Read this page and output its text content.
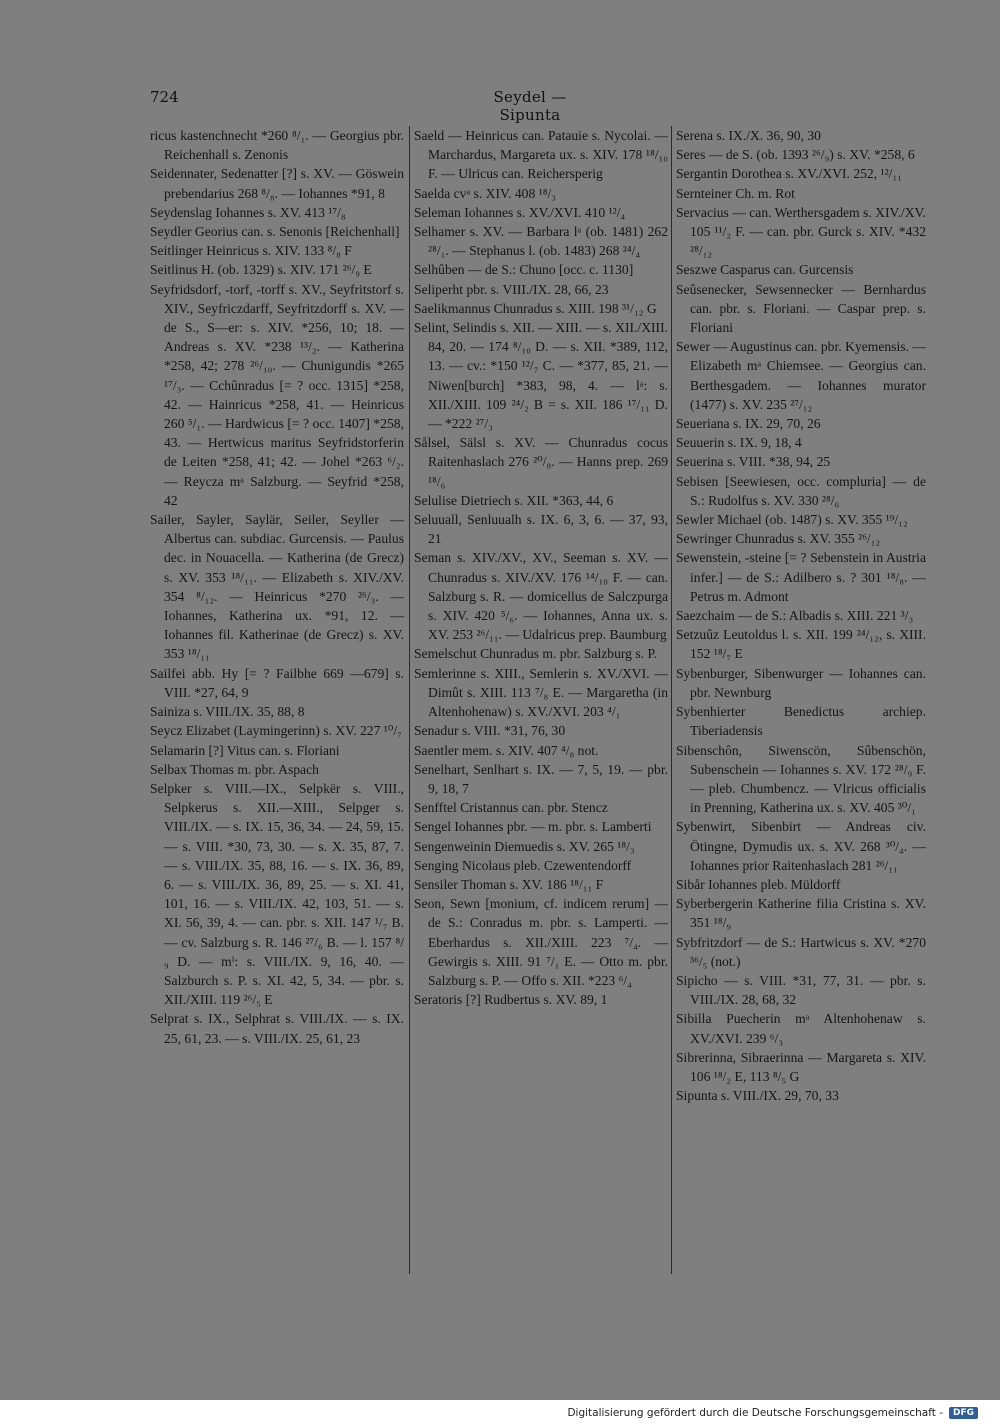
724	Seydel — Sipunta

ricus kastenchnecht *260 ⁸/₁. — Georgius pbr. Reichenhall s. Zenonis

Seidennater, Sedenatter [?] s. XV. — Göswein prebendarius 268 ⁸/₈. — Iohannes *91, 8

Seydenslag Iohannes s. XV. 413 ¹⁷/₈

Seydler Georius can. s. Senonis [Reichenhall]

Seitlinger Heinricus s. XIV. 133 ⁸/₈ F

Seitlinus H. (ob. 1329) s. XIV. 171 ²⁶/₉ E

Seyfridsdorf, -torf, -torff s. XV., Seyfritstorf s. XIV., Seyfriczdarff, Seyfritzdorff s. XV. — de S., S—er: s. XIV. *256, 10; 18. — Andreas s. XV. *238 ¹³/₂. — Katherina *258, 42; 278 ²⁶/₁₀. — Chunigundis *265 ¹⁷/₃. — Cchûnradus [= ? occ. 1315] *258, 42. — Hainricus *258, 41. — Heinricus 260 ⁵/₁. — Hardwicus [= ? occ. 1407] *258, 43. — Hertwicus maritus Seyfridstorferin de Leiten *258, 41; 42. — Johel *263 ⁶/₂. — Reycza mᵃ Salzburg. — Seyfrid *258, 42

Sailer, Sayler, Saylär, Seiler, Seyller — Albertus can. subdiac. Gurcensis. — Paulus dec. in Nouacella. — Katherina (de Grecz) s. XV. 353 ¹⁸/₁₁. — Elizabeth s. XIV./XV. 354 ⁸/₁₂. — Heinricus *270 ²⁶/₃. — Iohannes, Katherina ux. *91, 12. — Iohannes fil. Katherinae (de Grecz) s. XV. 353 ¹⁸/₁₁

Sailfei abb. Hy [= ? Failbhe 669 —679] s. VIII. *27, 64, 9

Sainiza s. VIII./IX. 35, 88, 8

Seycz Elizabet (Laymingerinn) s. XV. 227 ¹⁰/₇

Selamarin [?] Vitus can. s. Floriani

Selbax Thomas m. pbr. Aspach

Selpker s. VIII.—IX., Selpkër s. VIII., Selpkerus s. XII.—XIII., Selpger s. VIII./IX. — s. IX. 15, 36, 34. — 24, 59, 15. — s. VIII. *30, 73, 30. — s. X. 35, 87, 7. — s. VIII./IX. 35, 88, 16. — s. IX. 36, 89, 6. — s. VIII./IX. 36, 89, 25. — s. XI. 41, 101, 16. — s. VIII./IX. 42, 103, 51. — s. XI. 56, 39, 4. — can. pbr. s. XII. 147 ¹/₇ B. — cv. Salzburg s. R. 146 ²⁷/₆ B. — l. 157 ⁸/₉ D. — mⁱ: s. VIII./IX. 9, 16, 40. — Salzburch s. P. s. XI. 42, 5, 34. — pbr. s. XII./XIII. 119 ²⁶/₅ E

Selprat s. IX., Selphrat s. VIII./IX. — s. IX. 25, 61, 23. — s. VIII./IX. 25, 61, 23

Saeld — Heinricus can. Patauie s. Nycolai. — Marchardus, Margareta ux. s. XIV. 178 ¹⁸/₁₀ F. — Ulricus can. Reichersperig

Saelda cvᵃ s. XIV. 408 ¹⁸/₃

Seleman Iohannes s. XV./XVI. 410 ¹²/₄

Selhamer s. XV. — Barbara lᵃ (ob. 1481) 262 ²⁸/₁. — Stephanus l. (ob. 1483) 268 ²⁴/₄

Selhûben — de S.: Chuno [occ. c. 1130]

Seliperht pbr. s. VIII./IX. 28, 66, 23

Saelikmannus Chunradus s. XIII. 198 ³¹/₁₂ G

Selint, Selindis s. XII. — XIII. — s. XII./XIII. 84, 20. — 174 ⁸/₁₀ D. — s. XII. *389, 112, 13. — cv.: *150 ¹²/₇ C. — *377, 85, 21. — Niwen[burch] *383, 98, 4. — lᵃ: s. XII./XIII. 109 ²⁴/₂ B = s. XII. 186 ¹⁷/₁₁ D. — *222 ²⁷/₃

Sålsel, Sälsl s. XV. — Chunradus cocus Raitenhaslach 276 ²⁰/₈. — Hanns prep. 269 ¹⁸/₆

Selulise Dietriech s. XII. *363, 44, 6

Seluuall, Senluualh s. IX. 6, 3, 6. — 37, 93, 21

Seman s. XIV./XV., XV., Seeman s. XV. — Chunradus s. XIV./XV. 176 ¹⁴/₁₀ F. — can. Salzburg s. R. — domicellus de Salczpurga s. XIV. 420 ⁵/₆. — Iohannes, Anna ux. s. XV. 253 ²⁶/₁₁. — Udalricus prep. Baumburg

Semelschut Chunradus m. pbr. Salzburg s. P.

Semlerinne s. XIII., Semlerin s. XV./XVI. — Dimût s. XIII. 113 ⁷/₈ E. — Margaretha (in Altenhohenaw) s. XV./XVI. 203 ⁴/₁

Senadur s. VIII. *31, 76, 30

Saentler mem. s. XIV. 407 ⁴/₈ not.

Senelhart, Senlhart s. IX. — 7, 5, 19. — pbr. 9, 18, 7

Senfftel Cristannus can. pbr. Stencz

Sengel Iohannes pbr. — m. pbr. s. Lamberti

Sengenweinin Diemuedis s. XV. 265 ¹⁸/₃

Senging Nicolaus pleb. Czewentendorff

Sensiler Thoman s. XV. 186 ¹⁸/₁₁ F

Seon, Sewn [monium, cf. indicem rerum] — de S.: Conradus m. pbr. s. Lamperti. — Eberhardus s. XII./XIII. 223 ⁷/₄. — Gewirgis s. XIII. 91 ⁷/₁ E. — Otto m. pbr. Salzburg s. P. — Offo s. XII. *223 ⁶/₄

Seratoris [?] Rudbertus s. XV. 89, 1

Serena s. IX./X. 36, 90, 30

Seres — de S. (ob. 1393 ²⁶/₉) s. XV. *258, 6

Sergantin Dorothea s. XV./XVI. 252, ¹²/₁₁

Sernteiner Ch. m. Rot

Servacius — can. Werthersgadem s. XIV./XV. 105 ¹¹/₂ F. — can. pbr. Gurck s. XIV. *432 ²⁸/₁₂

Seszwe Casparus can. Gurcensis

Seûsenecker, Sewsennecker — Bernhardus can. pbr. s. Floriani. — Caspar prep. s. Floriani

Sewer — Augustinus can. pbr. Kyemensis. — Elizabeth mᵃ Chiemsee. — Georgius can. Berthesgadem. — Iohannes murator (1477) s. XV. 235 ²⁷/₁₂

Seueriana s. IX. 29, 70, 26

Seuuerin s. IX. 9, 18, 4

Seuerina s. VIII. *38, 94, 25

Sebisen [Seewiesen, occ. compluria] — de S.: Rudolfus s. XV. 330 ²⁸/₆

Sewler Michael (ob. 1487) s. XV. 355 ¹⁹/₁₂

Sewringer Chunradus s. XV. 355 ²⁶/₁₂

Sewenstein, -steine [= ? Sebenstein in Austria infer.] — de S.: Adilbero s. ? 301 ¹⁸/₈. — Petrus m. Admont

Saezchaim — de S.: Albadis s. XIII. 221 ³/₃

Setzuûz Leutoldus l. s. XII. 199 ²⁴/₁₂, s. XIII. 152 ¹⁸/₇ E

Sybenburger, Sibenwurger — Iohannes can. pbr. Newnburg

Sybenhierter Benedictus archiep. Tiberiadensis

Sibenschôn, Siwenscön, Sûbenschön, Subenschein — Iohannes s. XV. 172 ²⁸/₉ F. — pleb. Chumbencz. — Vlricus officialis in Prenning, Katherina ux. s. XV. 405 ³⁰/₁

Sybenwirt, Sibenbirt — Andreas civ. Ötingne, Dymudis ux. s. XV. 268 ³⁰/₄. — Iohannes prior Raitenhaslach 281 ²⁶/₁₁

Sibår Iohannes pleb. Müldorff

Syberbergerin Katherine filia Cristina s. XV. 351 ¹⁸/₉

Sybfritzdorf — de S.: Hartwicus s. XV. *270 ³⁶/₅ (not.)

Sipicho — s. VIII. *31, 77, 31. — pbr. s. VIII./IX. 28, 68, 32

Sibilla Puecherin mᵃ Altenhohenaw s. XV./XVI. 239 ⁶/₃

Sibrerinna, Sibraerinna — Margareta s. XIV. 106 ¹⁸/₂ E, 113 ⁸/₅ G

Sipunta s. VIII./IX. 29, 70, 33

Digitalisierung gefördert durch die Deutsche Forschungsgemeinschaft -	DFG
